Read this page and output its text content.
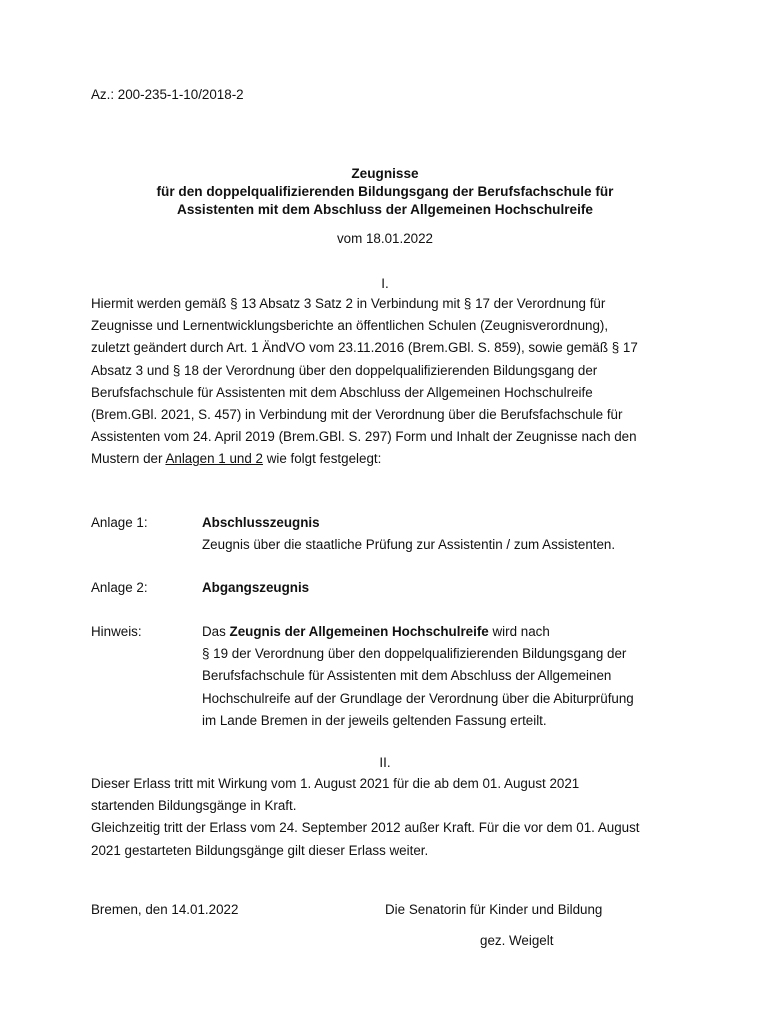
Az.: 200-235-1-10/2018-2
Zeugnisse
für den doppelqualifizierenden Bildungsgang der Berufsfachschule für
Assistenten mit dem Abschluss der Allgemeinen Hochschulreife
vom 18.01.2022
I.

Hiermit werden gemäß § 13 Absatz 3 Satz 2 in Verbindung mit § 17 der Verordnung für

Zeugnisse und Lernentwicklungsberichte an öffentlichen Schulen (Zeugnisverordnung),

zuletzt geändert durch Art. 1 ÄndVO vom 23.11.2016 (Brem.GBl. S. 859), sowie gemäß § 17

Absatz 3 und § 18 der Verordnung über den doppelqualifizierenden Bildungsgang der

Berufsfachschule für Assistenten mit dem Abschluss der Allgemeinen Hochschulreife

(Brem.GBl. 2021, S. 457) in Verbindung mit der Verordnung über die Berufsfachschule für

Assistenten vom 24. April 2019 (Brem.GBl. S. 297) Form und Inhalt der Zeugnisse nach den

Mustern der Anlagen 1 und 2 wie folgt festgelegt:

Anlage 1:	Abschlusszeugnis
Zeugnis über die staatliche Prüfung zur Assistentin / zum Assistenten.
Anlage 2:	Abgangszeugnis
Hinweis:	Das Zeugnis der Allgemeinen Hochschulreife wird nach
§ 19 der Verordnung über den doppelqualifizierenden Bildungsgang der
Berufsfachschule für Assistenten mit dem Abschluss der Allgemeinen
Hochschulreife auf der Grundlage der Verordnung über die Abiturprüfung
im Lande Bremen in der jeweils geltenden Fassung erteilt.
II.

Dieser Erlass tritt mit Wirkung vom 1. August 2021 für die ab dem 01. August 2021

startenden Bildungsgänge in Kraft.

Gleichzeitig tritt der Erlass vom 24. September 2012 außer Kraft. Für die vor dem 01. August

2021 gestarteten Bildungsgänge gilt dieser Erlass weiter.

Bremen, den 14.01.2022	Die Senatorin für Kinder und Bildung
gez. Weigelt
